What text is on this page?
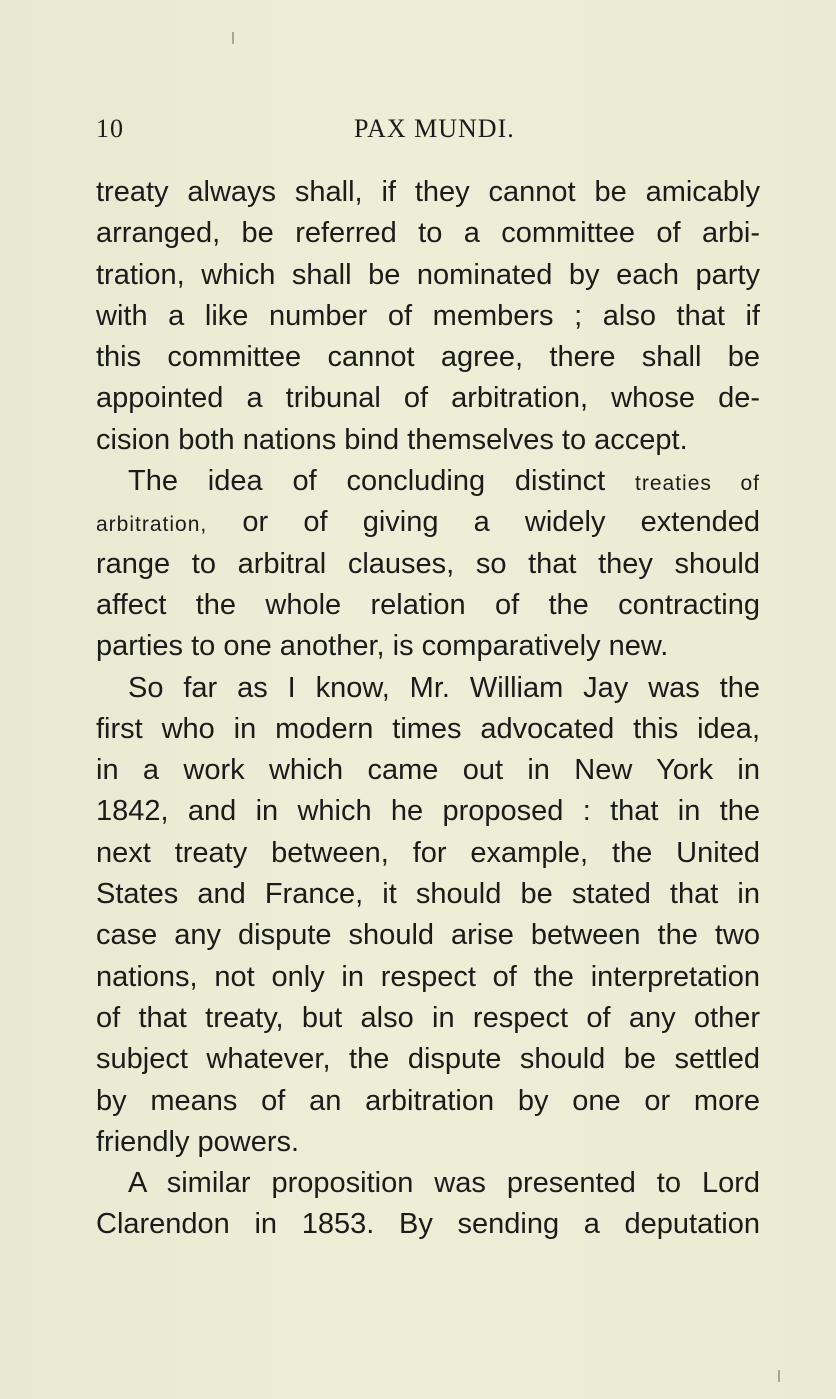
10	PAX MUNDI.
treaty always shall, if they cannot be amicably
arranged, be referred to a committee of arbi-
tration, which shall be nominated by each party
with a like number of members ; also that if
this committee cannot agree, there shall be
appointed a tribunal of arbitration, whose de-
cision both nations bind themselves to accept.
The idea of concluding distinct treaties of
arbitration, or of giving a widely extended
range to arbitral clauses, so that they should
affect the whole relation of the contracting
parties to one another, is comparatively new.
So far as I know, Mr. William Jay was the
first who in modern times advocated this idea,
in a work which came out in New York in
1842, and in which he proposed : that in the
next treaty between, for example, the United
States and France, it should be stated that in
case any dispute should arise between the two
nations, not only in respect of the interpretation
of that treaty, but also in respect of any other
subject whatever, the dispute should be settled
by means of an arbitration by one or more
friendly powers.
A similar proposition was presented to Lord
Clarendon in 1853. By sending a deputation
